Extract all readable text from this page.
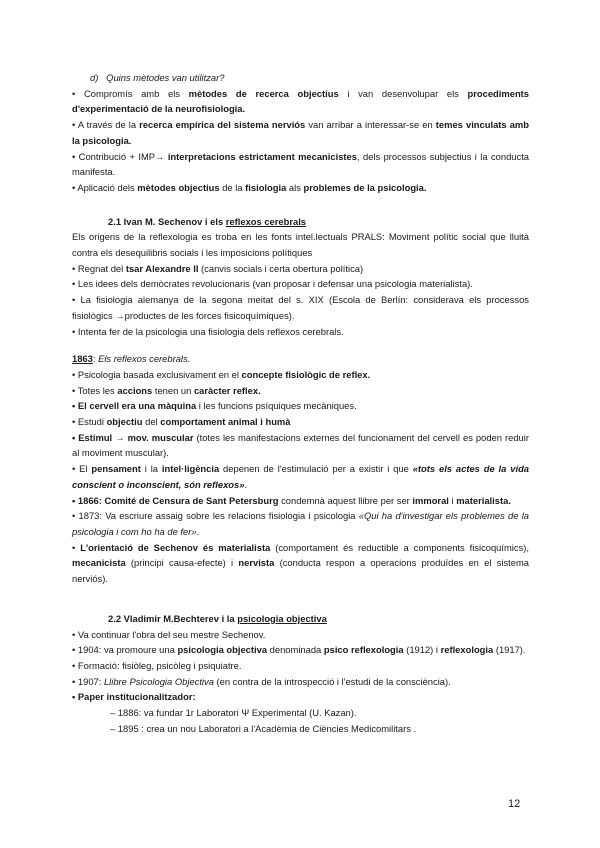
d) Quins mètodes van utilitzar?

• Compromís amb els mètodes de recerca objectius i van desenvolupar els procediments d'experimentació de la neurofisiologia.

• A través de la recerca empírica del sistema nerviós van arribar a interessar-se en temes vinculats amb la psicologia.

• Contribució + IMP→ interpretacions estrictament mecanicistes, dels processos subjectius i la conducta manifesta.

• Aplicació dels mètodes objectius de la fisiologia als problemes de la psicologia.

2.1 Ivan M. Sechenov i els reflexos cerebrals

Els origens de la reflexologia es troba en les fonts intel.lectuals PRALS: Moviment polític social que lluità contra els desequilibris socials i les imposicions polítiques

• Regnat del tsar Alexandre II (canvis socials i certa obertura política)

• Les idees dels demòcrates revolucionaris (van proposar i defensar una psicologia materialista).

• La fisiologia alemanya de la segona meitat del s. XIX (Escola de Berlín: considerava els processos fisiològics →productes de les forces fisicoquímiques).

• Intenta fer de la psicologia una fisiologia dels reflexos cerebrals.

1863: Els reflexos cerebrals.

• Psicologia basada exclusivament en el concepte fisiològic de reflex.

• Totes les accions tenen un caràcter reflex.

• El cervell era una màquina i les funcions psíquiques mecàniques.

• Estudi objectiu del comportament animal i humà

• Estímul → mov. muscular (totes les manifestacions externes del funcionament del cervell es poden reduir al moviment muscular).

• El pensament i la intel·ligència depenen de l'estimulació per a existir i que «tots els actes de la vida conscient o inconscient, són reflexos».

• 1866: Comité de Censura de Sant Petersburg condemnà aquest llibre per ser immoral i materialista.

• 1873: Va escriure assaig sobre les relacions fisiologia i psicologia «Qui ha d'investigar els problemes de la psicologia i com ho ha de fer».

• L'orientació de Sechenov és materialista (comportament és reductible a components fisicoquímics), mecanicista (principi causa-efecte) i nervista (conducta respon a operacions produïdes en el sistema nerviós).

2.2 Vladimir M.Bechterev i la psicologia objectiva

• Va continuar l'obra del seu mestre Sechenov.

• 1904: va promoure una psicologia objectiva denominada psico reflexologia (1912) i reflexologia (1917).

• Formació: fisiòleg, psicòleg i psiquiatre.

• 1907: Llibre Psicologia Objectiva (en contra de la introspecció i l'estudi de la consciència).

• Paper institucionalitzador:

– 1886: va fundar 1r Laboratori Ψ Experimental (U. Kazan).

– 1895 : crea un nou Laboratori a l'Acadèmia de Ciències Medicomilitars .

12
